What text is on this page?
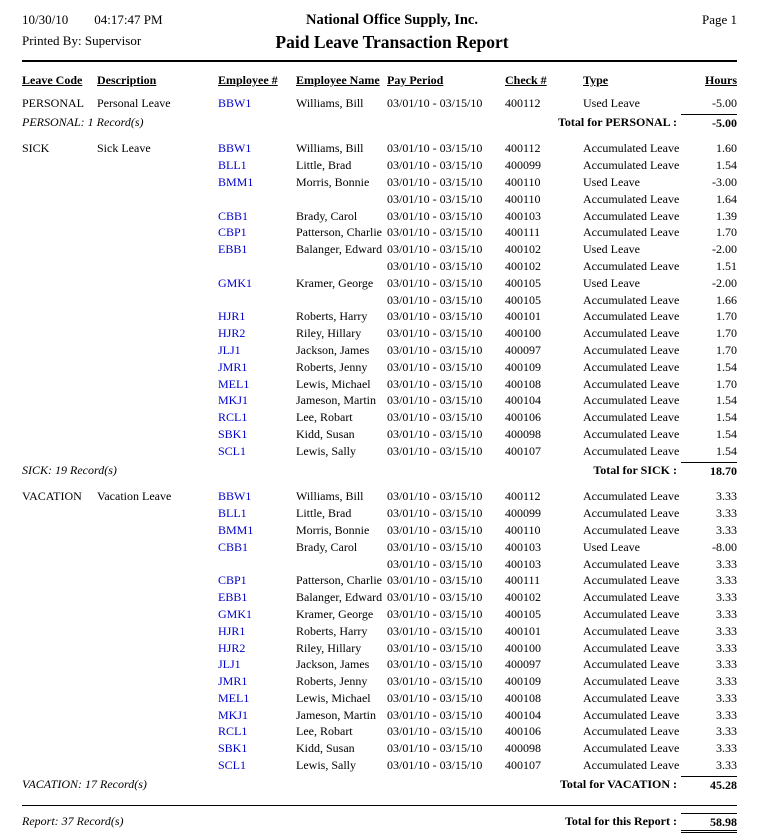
10/30/10 04:17:47 PM
Printed By: Supervisor
National Office Supply, Inc.
Paid Leave Transaction Report
Page 1
Leave Code	Description	Employee #	Employee Name Pay Period	Check #	Type	Hours
PERSONAL	Personal Leave	BBW1	Williams, Bill	03/01/10 - 03/15/10	400112	Used Leave	-5.00
PERSONAL: 1 Record(s)	Total for PERSONAL :	-5.00
SICK	Sick Leave	BBW1	Williams, Bill	03/01/10 - 03/15/10	400112	Accumulated Leave	1.60
BLL1	Little, Brad	03/01/10 - 03/15/10	400099	Accumulated Leave	1.54
BMM1	Morris, Bonnie	03/01/10 - 03/15/10	400110	Used Leave	-3.00
03/01/10 - 03/15/10	400110	Accumulated Leave	1.64
CBB1	Brady, Carol	03/01/10 - 03/15/10	400103	Accumulated Leave	1.39
CBP1	Patterson, Charlie 03/01/10 - 03/15/10	400111	Accumulated Leave	1.70
EBB1	Balanger, Edward 03/01/10 - 03/15/10	400102	Used Leave	-2.00
03/01/10 - 03/15/10	400102	Accumulated Leave	1.51
GMK1	Kramer, George	03/01/10 - 03/15/10	400105	Used Leave	-2.00
03/01/10 - 03/15/10	400105	Accumulated Leave	1.66
HJR1	Roberts, Harry	03/01/10 - 03/15/10	400101	Accumulated Leave	1.70
HJR2	Riley, Hillary	03/01/10 - 03/15/10	400100	Accumulated Leave	1.70
JLJ1	Jackson, James	03/01/10 - 03/15/10	400097	Accumulated Leave	1.70
JMR1	Roberts, Jenny	03/01/10 - 03/15/10	400109	Accumulated Leave	1.54
MEL1	Lewis, Michael	03/01/10 - 03/15/10	400108	Accumulated Leave	1.70
MKJ1	Jameson, Martin 03/01/10 - 03/15/10	400104	Accumulated Leave	1.54
RCL1	Lee, Robart	03/01/10 - 03/15/10	400106	Accumulated Leave	1.54
SBK1	Kidd, Susan	03/01/10 - 03/15/10	400098	Accumulated Leave	1.54
SCL1	Lewis, Sally	03/01/10 - 03/15/10	400107	Accumulated Leave	1.54
SICK: 19 Record(s)	Total for SICK :	18.70
VACATION	Vacation Leave	BBW1	Williams, Bill	03/01/10 - 03/15/10	400112	Accumulated Leave	3.33
BLL1	Little, Brad	03/01/10 - 03/15/10	400099	Accumulated Leave	3.33
BMM1	Morris, Bonnie	03/01/10 - 03/15/10	400110	Accumulated Leave	3.33
CBB1	Brady, Carol	03/01/10 - 03/15/10	400103	Used Leave	-8.00
03/01/10 - 03/15/10	400103	Accumulated Leave	3.33
CBP1	Patterson, Charlie 03/01/10 - 03/15/10	400111	Accumulated Leave	3.33
EBB1	Balanger, Edward 03/01/10 - 03/15/10	400102	Accumulated Leave	3.33
GMK1	Kramer, George	03/01/10 - 03/15/10	400105	Accumulated Leave	3.33
HJR1	Roberts, Harry	03/01/10 - 03/15/10	400101	Accumulated Leave	3.33
HJR2	Riley, Hillary	03/01/10 - 03/15/10	400100	Accumulated Leave	3.33
JLJ1	Jackson, James	03/01/10 - 03/15/10	400097	Accumulated Leave	3.33
JMR1	Roberts, Jenny	03/01/10 - 03/15/10	400109	Accumulated Leave	3.33
MEL1	Lewis, Michael	03/01/10 - 03/15/10	400108	Accumulated Leave	3.33
MKJ1	Jameson, Martin 03/01/10 - 03/15/10	400104	Accumulated Leave	3.33
RCL1	Lee, Robart	03/01/10 - 03/15/10	400106	Accumulated Leave	3.33
SBK1	Kidd, Susan	03/01/10 - 03/15/10	400098	Accumulated Leave	3.33
SCL1	Lewis, Sally	03/01/10 - 03/15/10	400107	Accumulated Leave	3.33
VACATION: 17 Record(s)	Total for VACATION :	45.28
Report: 37 Record(s)	Total for this Report :	58.98
